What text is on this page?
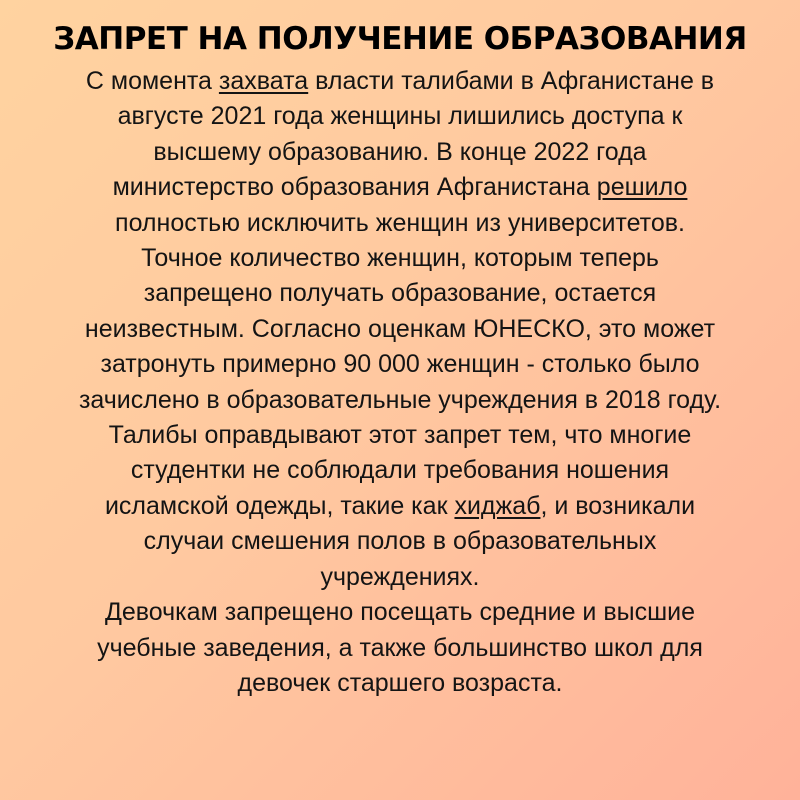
ЗАПРЕТ НА ПОЛУЧЕНИЕ ОБРАЗОВАНИЯ
С момента захвата власти талибами в Афганистане в
августе 2021 года женщины лишились доступа к
высшему образованию. В конце 2022 года
министерство образования Афганистана решило
полностью исключить женщин из университетов.
Точное количество женщин, которым теперь
запрещено получать образование, остается
неизвестным. Согласно оценкам ЮНЕСКО, это может
затронуть примерно 90 000 женщин - столько было
зачислено в образовательные учреждения в 2018 году.
Талибы оправдывают этот запрет тем, что многие
студентки не соблюдали требования ношения
исламской одежды, такие как хиджаб, и возникали
случаи смешения полов в образовательных
учреждениях.
Девочкам запрещено посещать средние и высшие
учебные заведения, а также большинство школ для
девочек старшего возраста.
